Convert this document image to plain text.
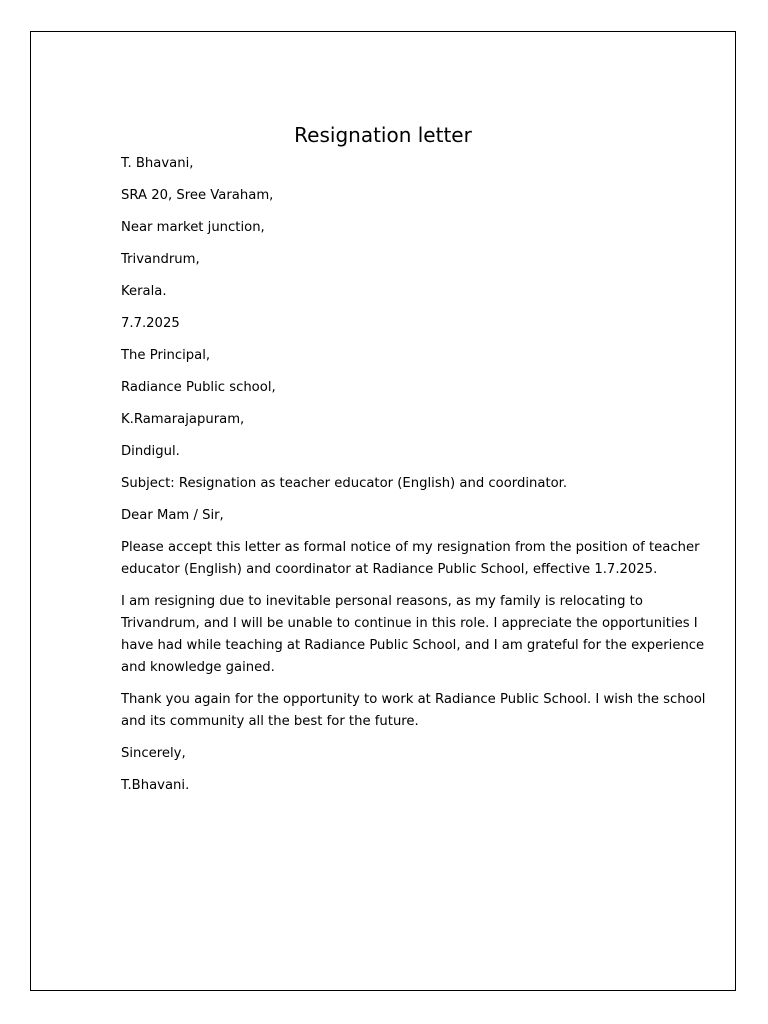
Resignation letter

T. Bhavani,

SRA 20, Sree Varaham,

Near market junction,

Trivandrum,

Kerala.

7.7.2025

The Principal,

Radiance Public school,

K.Ramarajapuram,

Dindigul.

Subject: Resignation as teacher educator (English) and coordinator.

Dear Mam / Sir,

Please accept this letter as formal notice of my resignation from the position of teacher educator (English) and coordinator at Radiance Public School, effective 1.7.2025.

I am resigning due to inevitable personal reasons, as my family is relocating to Trivandrum, and I will be unable to continue in this role. I appreciate the opportunities I have had while teaching at Radiance Public School, and I am grateful for the experience and knowledge gained.

Thank you again for the opportunity to work at Radiance Public School. I wish the school and its community all the best for the future.

Sincerely,

T.Bhavani.
